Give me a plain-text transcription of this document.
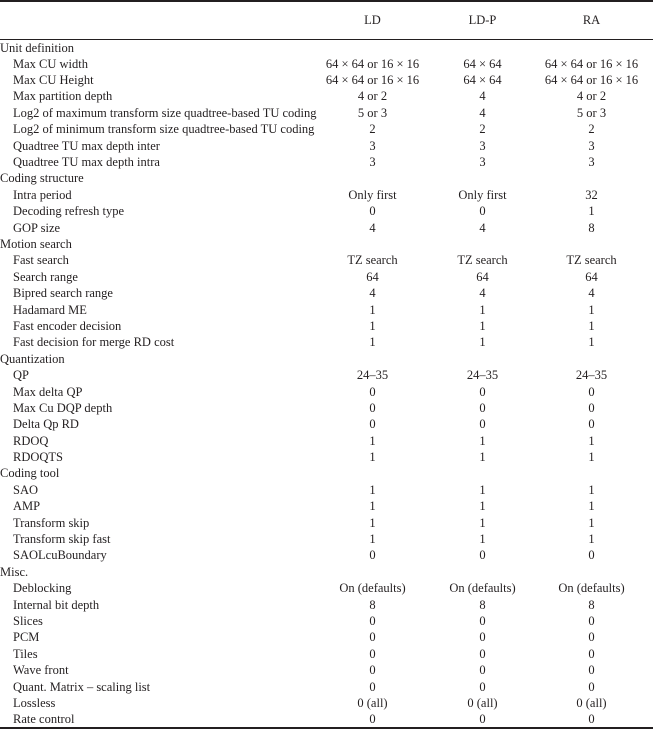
	LD	LD-P	RA
Unit definition			
Max CU width	64 × 64 or 16 × 16	64 × 64	64 × 64 or 16 × 16
Max CU Height	64 × 64 or 16 × 16	64 × 64	64 × 64 or 16 × 16
Max partition depth	4 or 2	4	4 or 2
Log2 of maximum transform size quadtree-based TU coding	5 or 3	4	5 or 3
Log2 of minimum transform size quadtree-based TU coding	2	2	2
Quadtree TU max depth inter	3	3	3
Quadtree TU max depth intra	3	3	3
Coding structure			
Intra period	Only first	Only first	32
Decoding refresh type	0	0	1
GOP size	4	4	8
Motion search			
Fast search	TZ search	TZ search	TZ search
Search range	64	64	64
Bipred search range	4	4	4
Hadamard ME	1	1	1
Fast encoder decision	1	1	1
Fast decision for merge RD cost	1	1	1
Quantization			
QP	24–35	24–35	24–35
Max delta QP	0	0	0
Max Cu DQP depth	0	0	0
Delta Qp RD	0	0	0
RDOQ	1	1	1
RDOQTS	1	1	1
Coding tool			
SAO	1	1	1
AMP	1	1	1
Transform skip	1	1	1
Transform skip fast	1	1	1
SAOLcuBoundary	0	0	0
Misc.			
Deblocking	On (defaults)	On (defaults)	On (defaults)
Internal bit depth	8	8	8
Slices	0	0	0
PCM	0	0	0
Tiles	0	0	0
Wave front	0	0	0
Quant. Matrix – scaling list	0	0	0
Lossless	0 (all)	0 (all)	0 (all)
Rate control	0	0	0
